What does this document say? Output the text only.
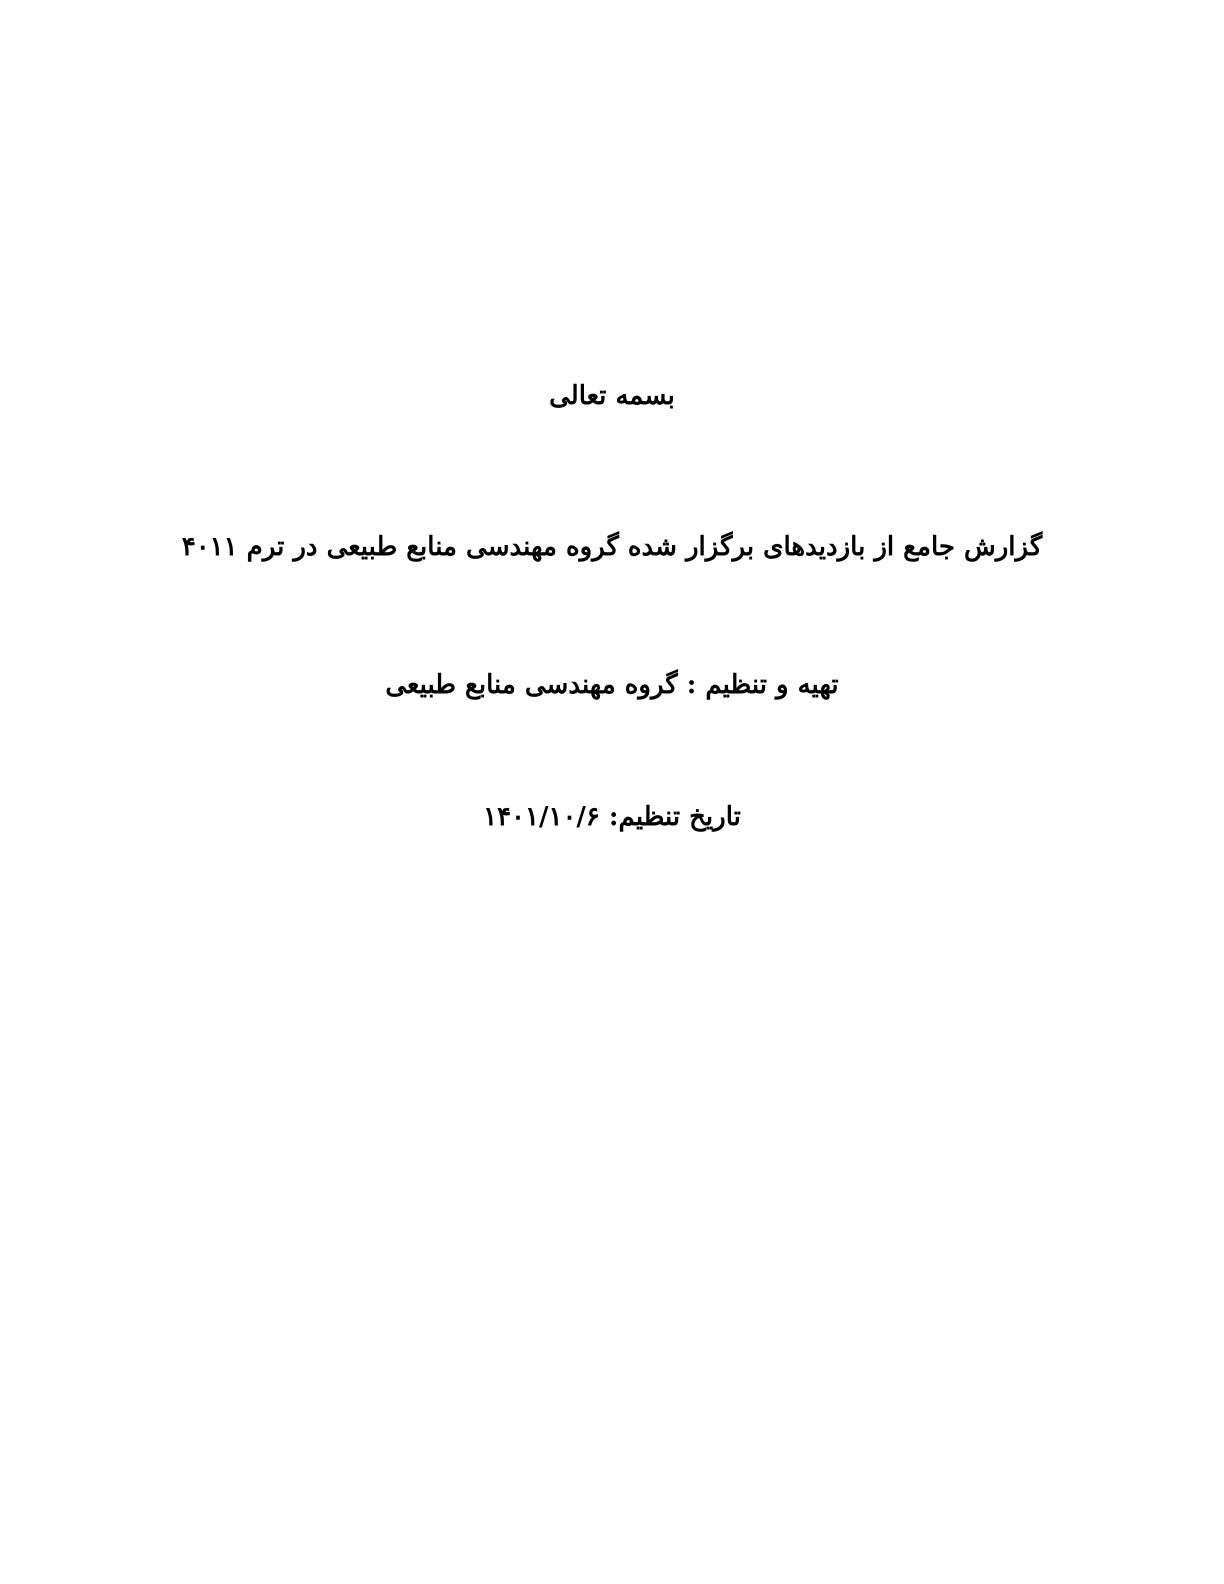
بسمه تعالی
گزارش جامع از بازدیدهای برگزار شده گروه مهندسی منابع طبیعی در ترم ۴۰۱۱
تهیه و تنظیم : گروه مهندسی منابع طبیعی
تاریخ تنظیم: ۱۴۰۱/۱۰/۶
